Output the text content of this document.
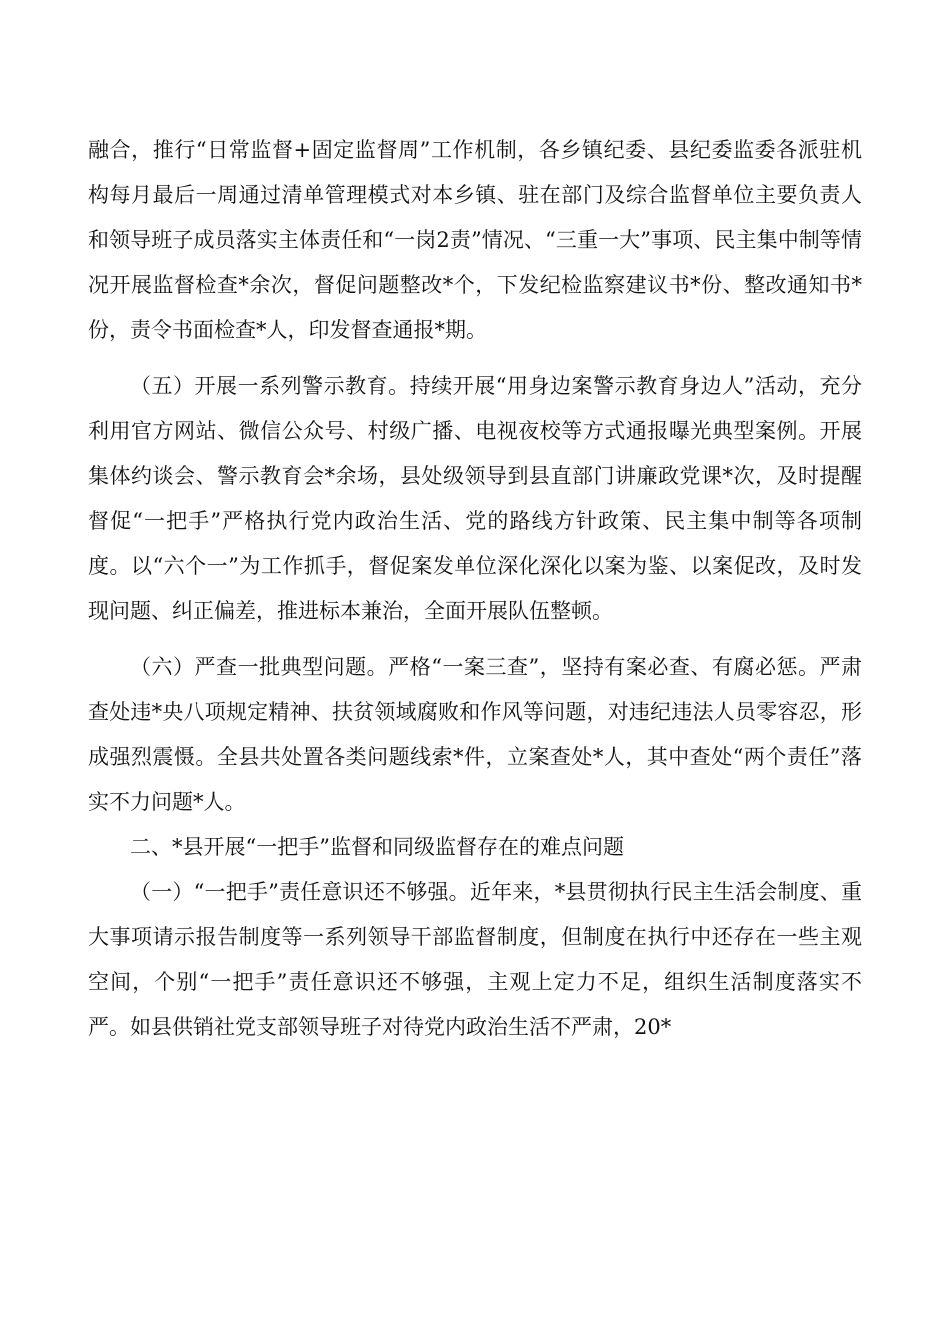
融合，推行“日常监督+固定监督周”工作机制，各乡镇纪委、县纪委监委各派驻机构每月最后一周通过清单管理模式对本乡镇、驻在部门及综合监督单位主要负责人和领导班子成员落实主体责任和“一岗2责”情况、“三重一大”事项、民主集中制等情况开展监督检查*余次，督促问题整改*个，下发纪检监察建议书*份、整改通知书*份，责令书面检查*人，印发督查通报*期。

（五）开展一系列警示教育。持续开展“用身边案警示教育身边人”活动，充分利用官方网站、微信公众号、村级广播、电视夜校等方式通报曝光典型案例。开展集体约谈会、警示教育会*余场，县处级领导到县直部门讲廉政党课*次，及时提醒督促“一把手”严格执行党内政治生活、党的路线方针政策、民主集中制等各项制度。以“六个一”为工作抓手，督促案发单位深化深化以案为鉴、以案促改，及时发现问题、纠正偏差，推进标本兼治，全面开展队伍整顿。

（六）严查一批典型问题。严格“一案三查”，坚持有案必查、有腐必惩。严肃查处违*央八项规定精神、扶贫领域腐败和作风等问题，对违纪违法人员零容忍，形成强烈震慑。全县共处置各类问题线索*件，立案查处*人，其中查处“两个责任”落实不力问题*人。

二、*县开展“一把手”监督和同级监督存在的难点问题

（一）“一把手”责任意识还不够强。近年来，*县贯彻执行民主生活会制度、重大事项请示报告制度等一系列领导干部监督制度，但制度在执行中还存在一些主观空间，个别“一把手”责任意识还不够强，主观上定力不足，组织生活制度落实不严。如县供销社党支部领导班子对待党内政治生活不严肃，20*
